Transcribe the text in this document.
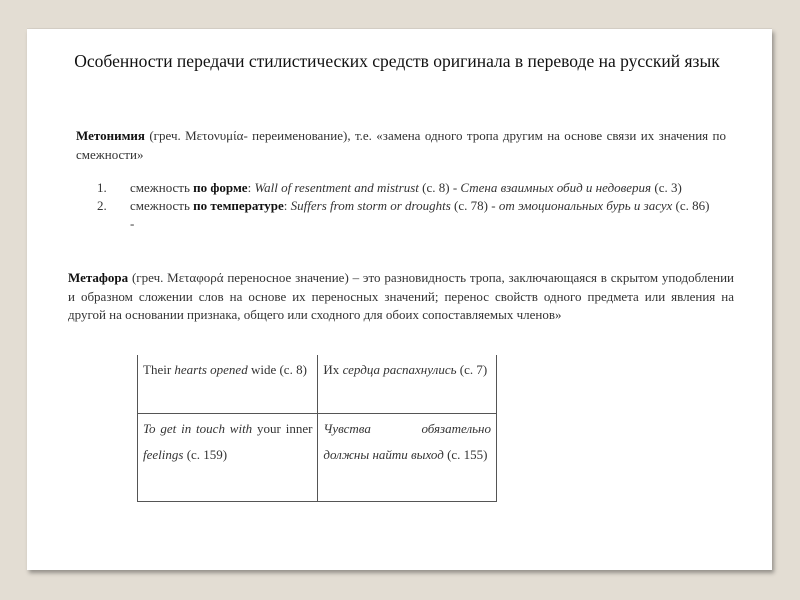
Особенности передачи стилистических средств оригинала в переводе на русский язык
Метонимия (греч. Μετονυμία- переименование), т.е. «замена одного тропа другим на основе связи их значения по смежности»
1. смежность по форме: Wall of resentment and mistrust (с. 8) - Стена взаимных обид и недоверия (с. 3)
2. смежность по температуре: Suffers from storm or droughts (с. 78) - от эмоциональных бурь и засух (с. 86) -
Метафора (греч. Μεταφορά переносное значение) – это разновидность тропа, заключающаяся в скрытом уподоблении и образном сложении слов на основе их переносных значений; перенос свойств одного предмета или явления на другой на основании признака, общего или сходного для обоих сопоставляемых членов»
Their hearts opened wide (с. 8)	Их сердца распахнулись (с. 7)
To get in touch with your inner feelings (с. 159)	Чувства обязательно должны найти выход (с. 155)
